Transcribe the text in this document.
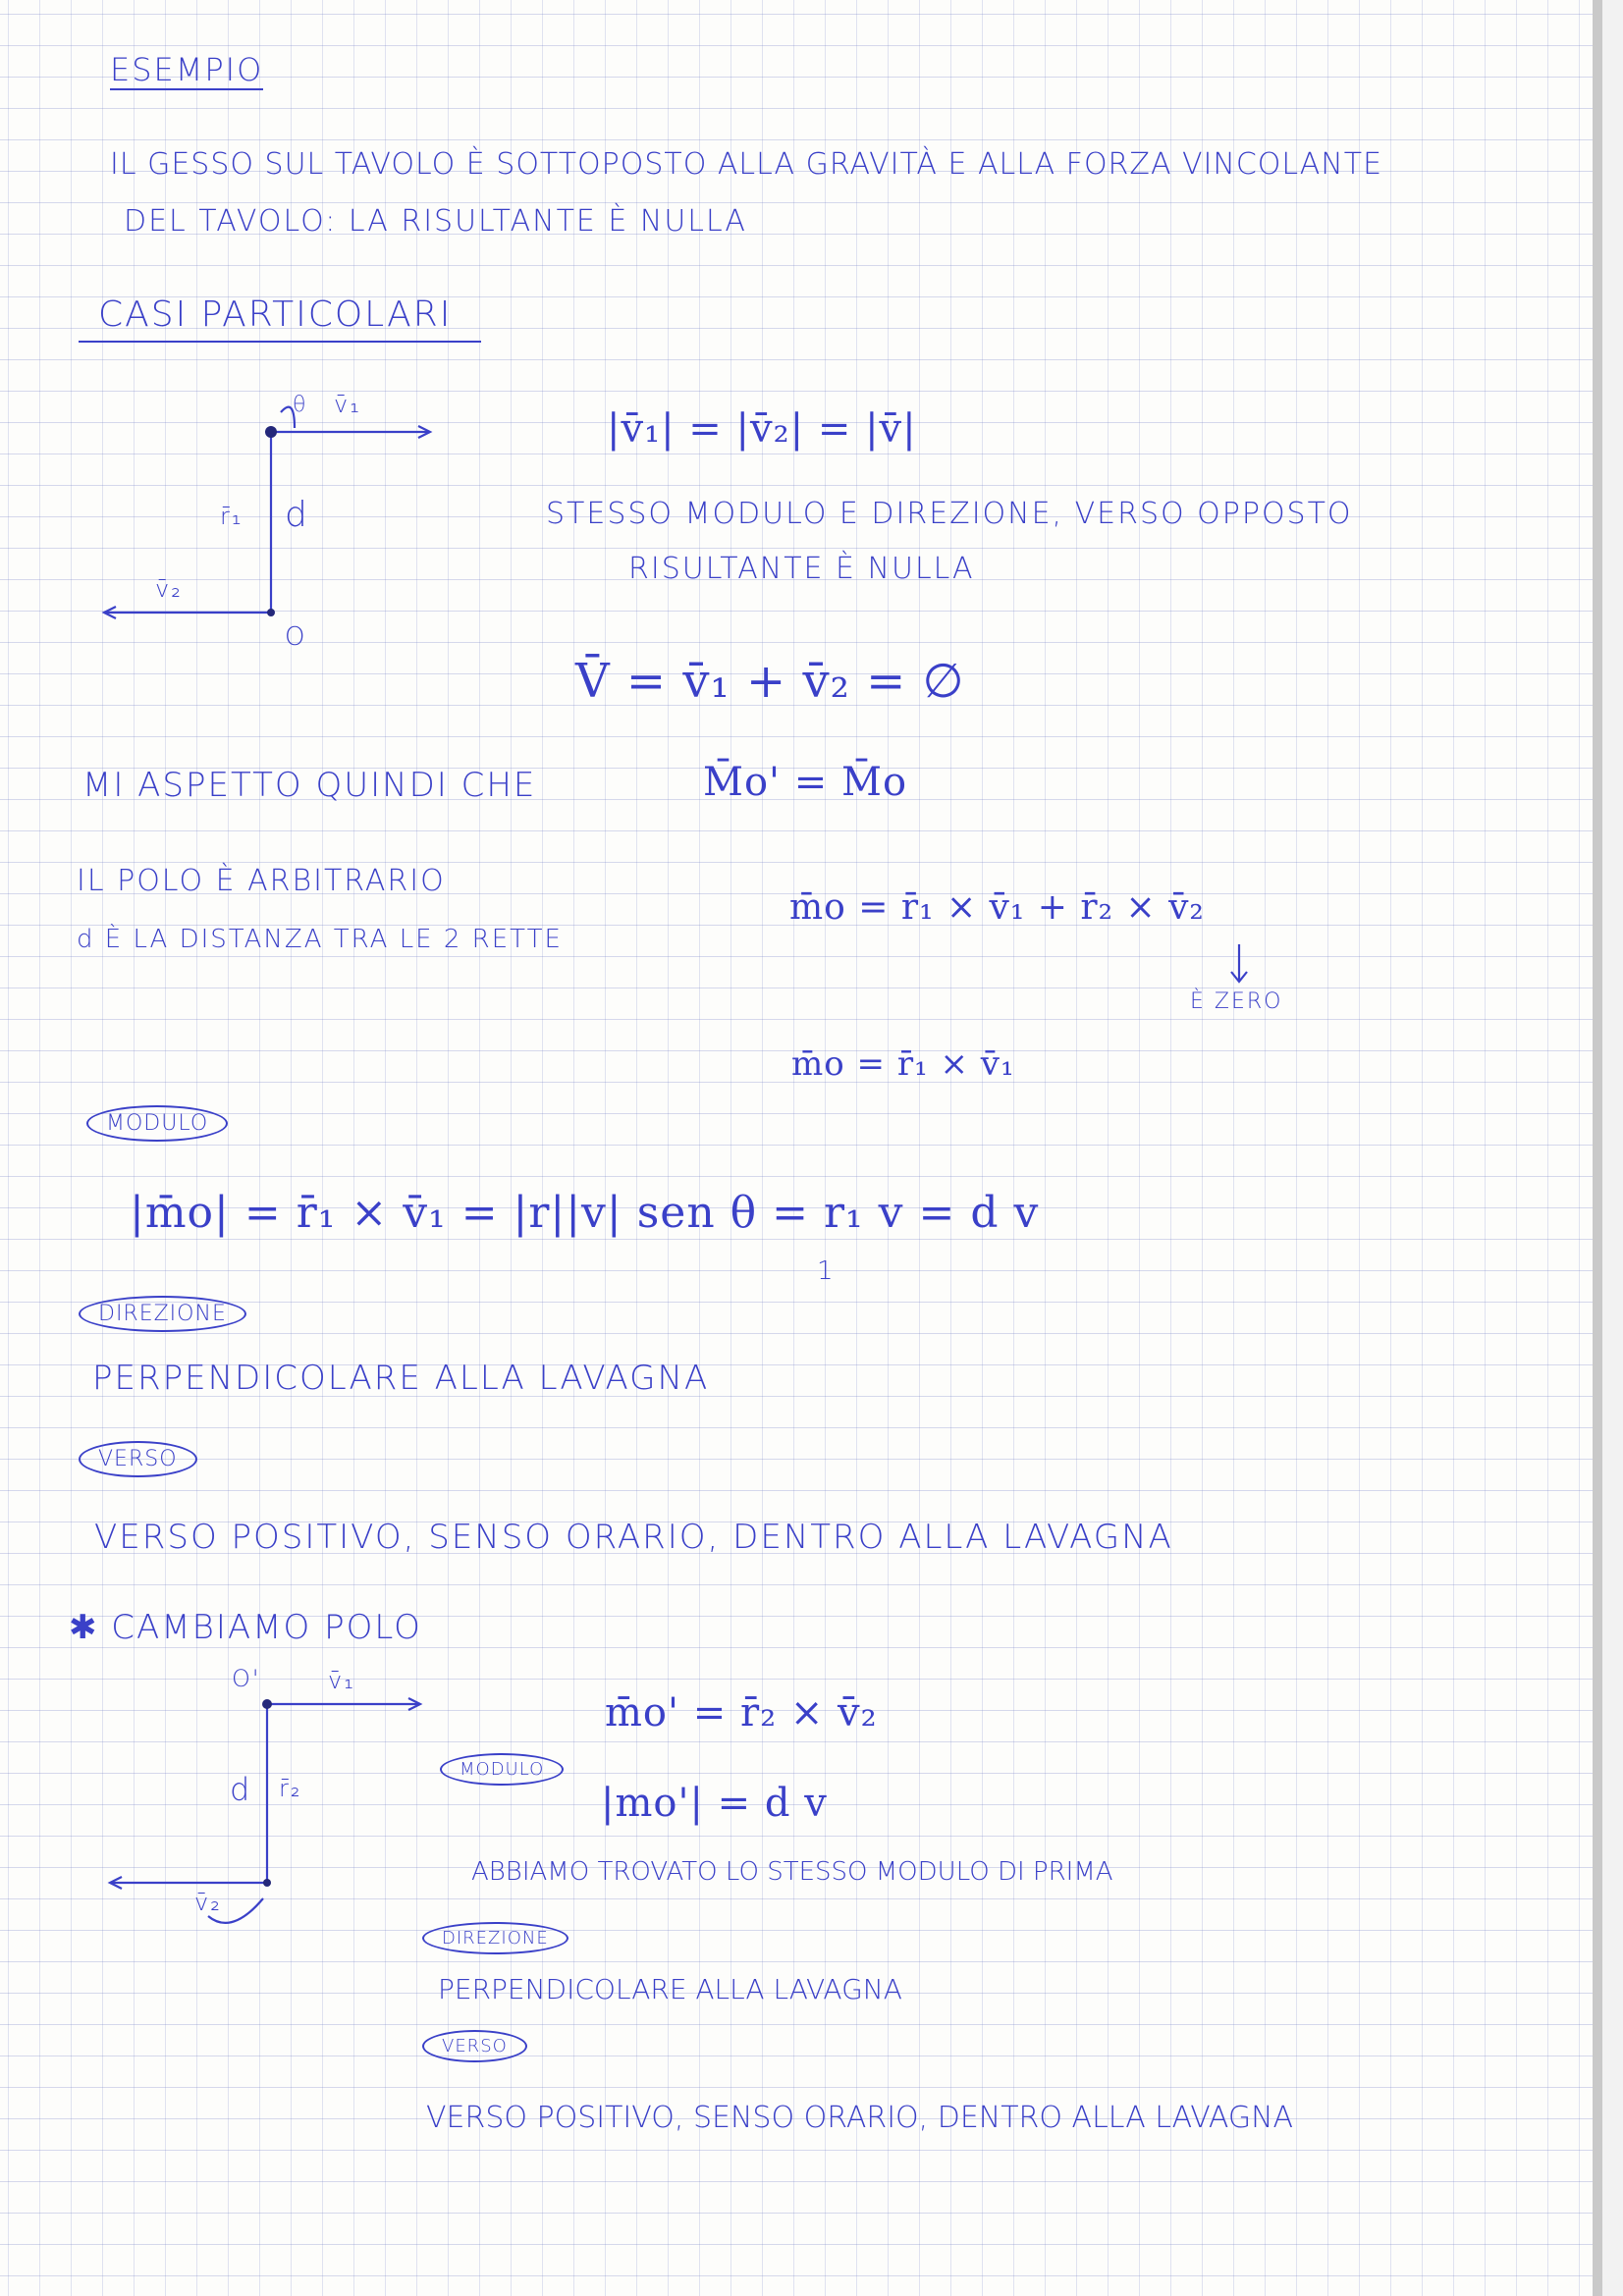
ESEMPIO
IL GESSO SUL TAVOLO È SOTTOPOSTO ALLA GRAVITÀ E ALLA FORZA VINCOLANTE
DEL TAVOLO: LA RISULTANTE È NULLA
CASI PARTICOLARI
θ v̄₁
r̄₁ d
v̄₂
O
|v̄₁| = |v̄₂| = |v̄|
STESSO MODULO E DIREZIONE, VERSO OPPOSTO
RISULTANTE È NULLA
V̄ = v̄₁ + v̄₂ = ∅
MI ASPETTO QUINDI CHE	M̄o' = M̄o
IL POLO È ARBITRARIO
d È LA DISTANZA TRA LE 2 RETTE
m̄o = r̄₁ × v̄₁ + r̄₂ × v̄₂
È ZERO
m̄o = r̄₁ × v̄₁
MODULO
|m̄o| = r̄₁ × v̄₁ = |r||v| sen θ = r₁ v = d v
1
DIREZIONE
PERPENDICOLARE ALLA LAVAGNA
VERSO
VERSO POSITIVO, SENSO ORARIO, DENTRO ALLA LAVAGNA
✱ CAMBIAMO POLO
O'	v̄₁
d r̄₂
v̄₂
m̄o' = r̄₂ × v̄₂
MODULO
|mo'| = d v
ABBIAMO TROVATO LO STESSO MODULO DI PRIMA
DIREZIONE
PERPENDICOLARE ALLA LAVAGNA
VERSO
VERSO POSITIVO, SENSO ORARIO, DENTRO ALLA LAVAGNA
